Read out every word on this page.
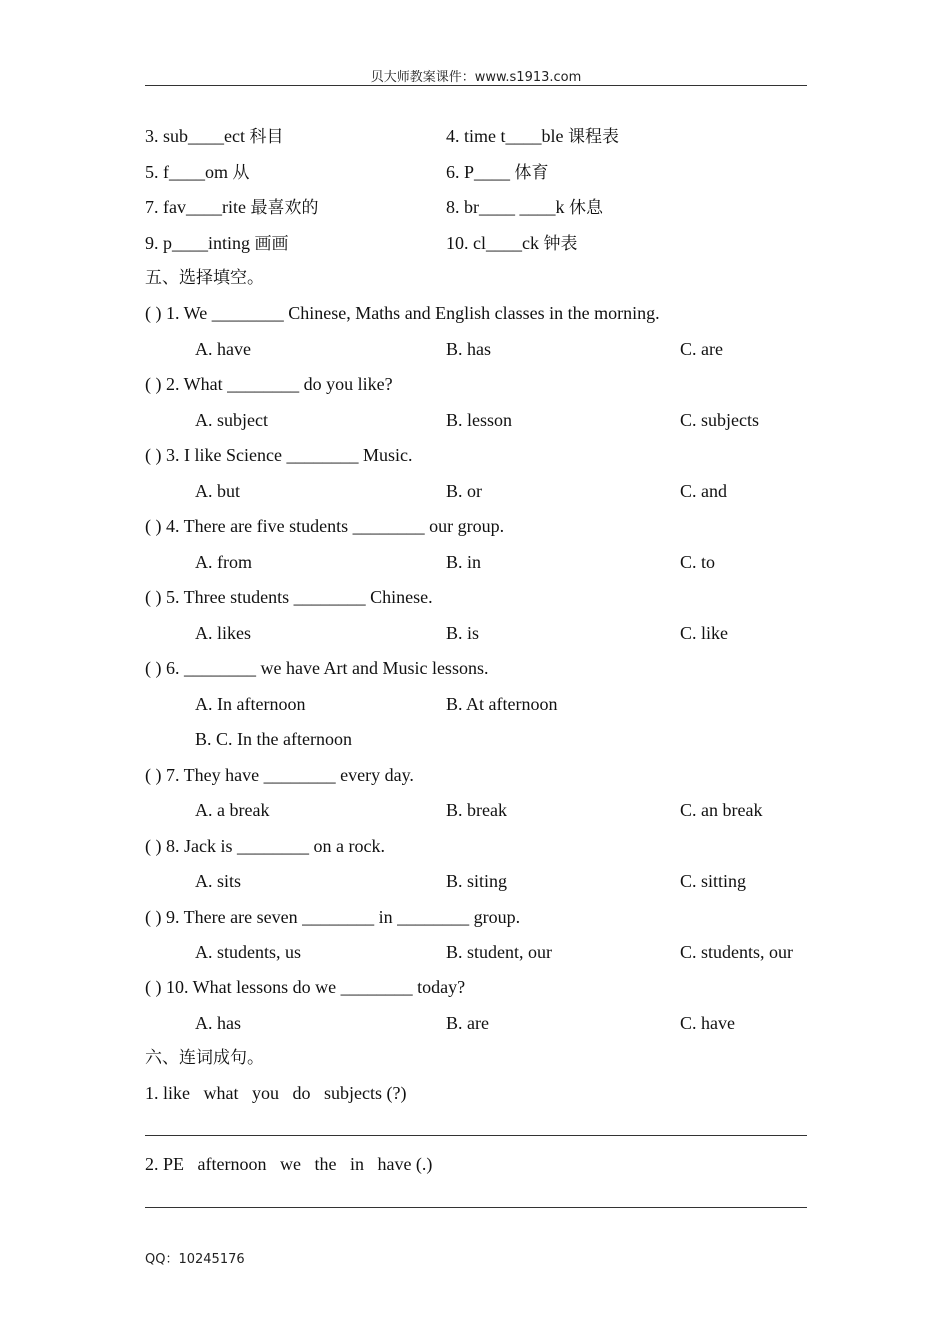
贝大师教案课件：www.s1913.com
3. sub____ect 科目	4. time t____ble 课程表
5. f____om 从	6. P____ 体育
7. fav____rite 最喜欢的	8. br____ ____k 休息
9. p____inting 画画	10. cl____ck 钟表
五、选择填空。
( ) 1. We ________ Chinese, Maths and English classes in the morning.
A. have	B. has	C. are
( ) 2. What ________ do you like?
A. subject	B. lesson	C. subjects
( ) 3. I like Science ________ Music.
A. but	B. or	C. and
( ) 4. There are five students ________ our group.
A. from	B. in	C. to
( ) 5. Three students ________ Chinese.
A. likes	B. is	C. like
( ) 6. ________ we have Art and Music lessons.
A. In afternoon	B. At afternoon
B. C. In the afternoon
( ) 7. They have ________ every day.
A. a break	B. break	C. an break
( ) 8. Jack is ________ on a rock.
A. sits	B. siting	C. sitting
( ) 9. There are seven ________ in ________ group.
A. students, us	B. student, our	C. students, our
( ) 10. What lessons do we ________ today?
A. has	B. are	C. have
六、连词成句。
1. like   what   you   do   subjects (?)
2. PE   afternoon   we   the   in   have (.)
QQ：10245176
